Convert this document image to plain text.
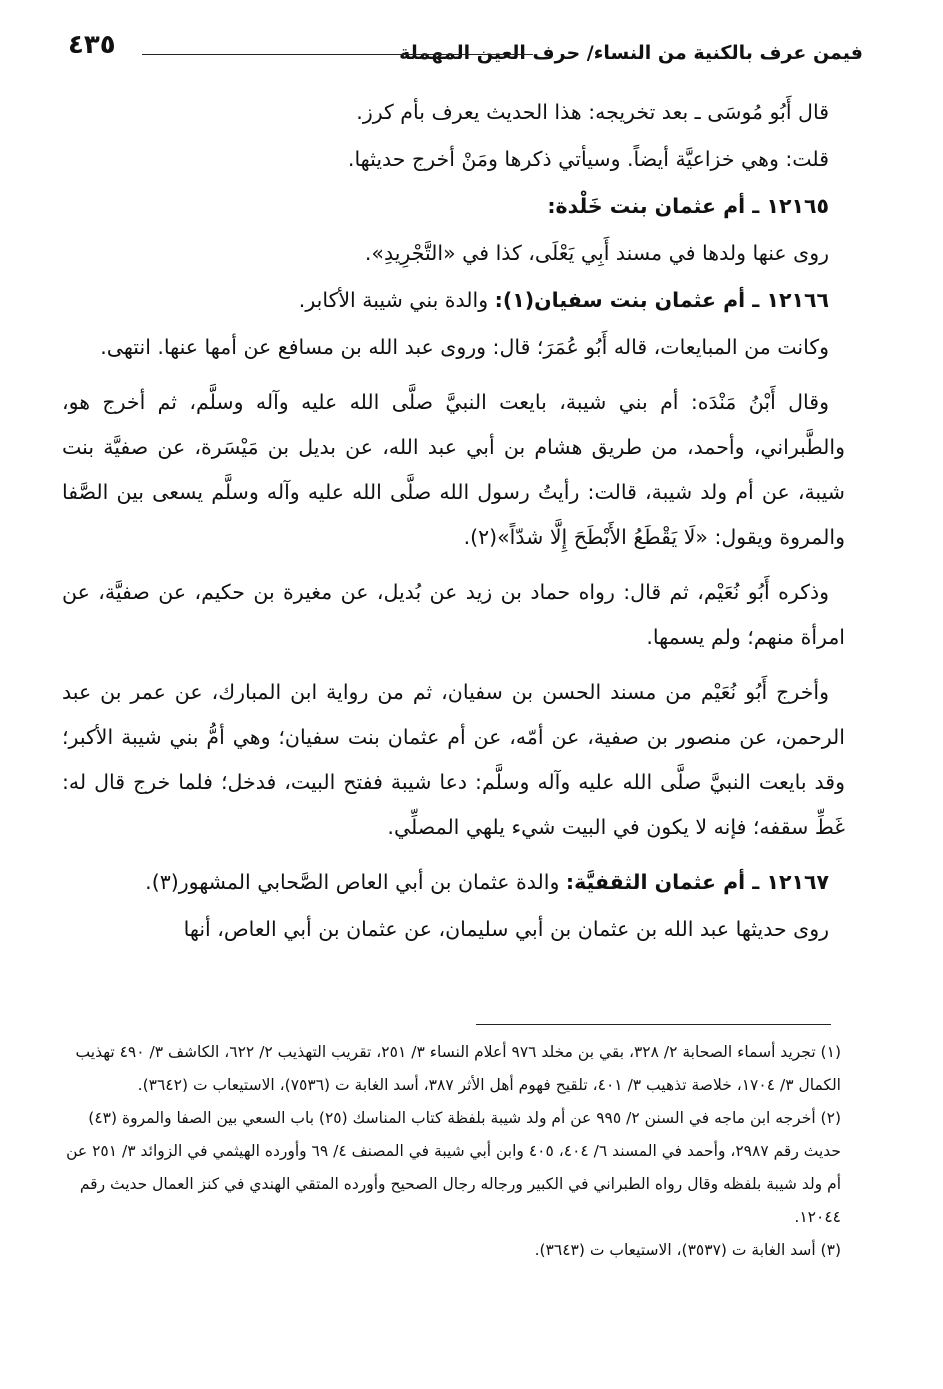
فيمن عرف بالكنية من النساء/ حرف العين المهملة
٤٣٥

قال أَبُو مُوسَى ـ بعد تخريجه: هذا الحديث يعرف بأم كرز.

قلت: وهي خزاعيَّة أيضاً. وسيأتي ذكرها ومَنْ أخرج حديثها.

١٢١٦٥ ـ أم عثمان بنت خَلْدة:

روى عنها ولدها في مسند أَبِي يَعْلَى، كذا في «التَّجْرِيدِ».

١٢١٦٦ ـ أم عثمان بنت سفيان(١): والدة بني شيبة الأكابر.

وكانت من المبايعات، قاله أَبُو عُمَرَ؛ قال: وروى عبد الله بن مسافع عن أمها عنها. انتهى.

وقال أَبْنُ مَنْدَه: أم بني شيبة، بايعت النبيَّ صلَّى الله عليه وآله وسلَّم، ثم أخرج هو، والطَّبراني، وأحمد، من طريق هشام بن أبي عبد الله، عن بديل بن مَيْسَرة، عن صفيَّة بنت شيبة، عن أم ولد شيبة، قالت: رأيتُ رسول الله صلَّى الله عليه وآله وسلَّم يسعى بين الصَّفا والمروة ويقول: «لَا يَقْطَعُ الأَبْطَحَ إِلَّا شدّاً»(٢).

وذكره أَبُو نُعَيْم، ثم قال: رواه حماد بن زيد عن بُديل، عن مغيرة بن حكيم، عن صفيَّة، عن امرأة منهم؛ ولم يسمها.

وأخرج أَبُو نُعَيْم من مسند الحسن بن سفيان، ثم من رواية ابن المبارك، عن عمر بن عبد الرحمن، عن منصور بن صفية، عن أمّه، عن أم عثمان بنت سفيان؛ وهي أمُّ بني شيبة الأكبر؛ وقد بايعت النبيَّ صلَّى الله عليه وآله وسلَّم: دعا شيبة ففتح البيت، فدخل؛ فلما خرج قال له: غَطِّ سقفه؛ فإنه لا يكون في البيت شيء يلهي المصلِّي.

١٢١٦٧ ـ أم عثمان الثقفيَّة: والدة عثمان بن أبي العاص الصَّحابي المشهور(٣).

روى حديثها عبد الله بن عثمان بن أبي سليمان، عن عثمان بن أبي العاص، أنها

(١) تجريد أسماء الصحابة ٢/ ٣٢٨، بقي بن مخلد ٩٧٦ أعلام النساء ٣/ ٢٥١، تقريب التهذيب ٢/ ٦٢٢، الكاشف ٣/ ٤٩٠ تهذيب الكمال ٣/ ١٧٠٤، خلاصة تذهيب ٣/ ٤٠١، تلقيح فهوم أهل الأثر ٣٨٧، أسد الغابة ت (٧٥٣٦)، الاستيعاب ت (٣٦٤٢).

(٢) أخرجه ابن ماجه في السنن ٢/ ٩٩٥ عن أم ولد شيبة بلفظة كتاب المناسك (٢٥) باب السعي بين الصفا والمروة (٤٣) حديث رقم ٢٩٨٧، وأحمد في المسند ٦/ ٤٠٤، ٤٠٥ وابن أبي شيبة في المصنف ٤/ ٦٩ وأورده الهيثمي في الزوائد ٣/ ٢٥١ عن أم ولد شيبة بلفظه وقال رواه الطبراني في الكبير ورجاله رجال الصحيح وأورده المتقي الهندي في كنز العمال حديث رقم ١٢٠٤٤.

(٣) أسد الغابة ت (٣٥٣٧)، الاستيعاب ت (٣٦٤٣).
